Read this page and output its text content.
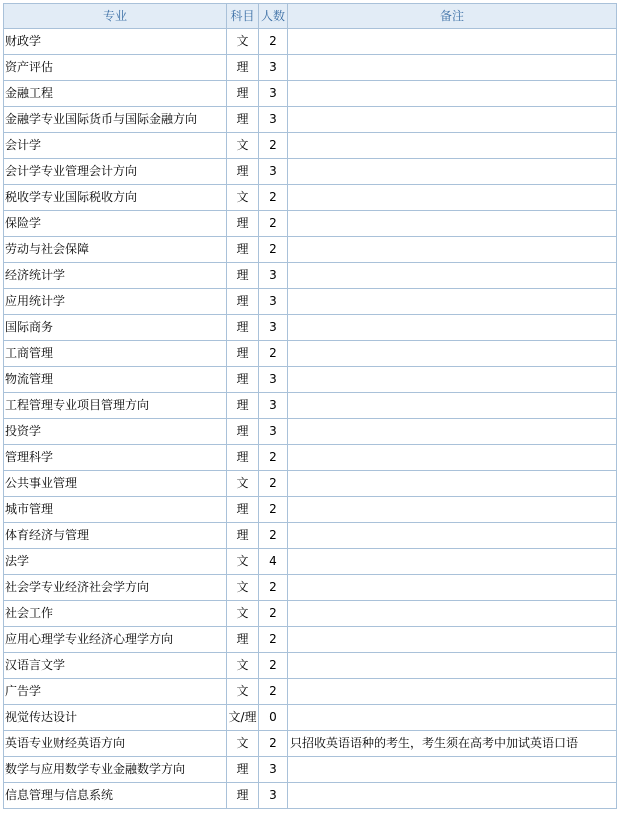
专业	科目	人数	备注
财政学	文	2	
资产评估	理	3	
金融工程	理	3	
金融学专业国际货币与国际金融方向	理	3	
会计学	文	2	
会计学专业管理会计方向	理	3	
税收学专业国际税收方向	文	2	
保险学	理	2	
劳动与社会保障	理	2	
经济统计学	理	3	
应用统计学	理	3	
国际商务	理	3	
工商管理	理	2	
物流管理	理	3	
工程管理专业项目管理方向	理	3	
投资学	理	3	
管理科学	理	2	
公共事业管理	文	2	
城市管理	理	2	
体育经济与管理	理	2	
法学	文	4	
社会学专业经济社会学方向	文	2	
社会工作	文	2	
应用心理学专业经济心理学方向	理	2	
汉语言文学	文	2	
广告学	文	2	
视觉传达设计	文/理	0	
英语专业财经英语方向	文	2	只招收英语语种的考生，考生须在高考中加试英语口语
数学与应用数学专业金融数学方向	理	3	
信息管理与信息系统	理	3	
